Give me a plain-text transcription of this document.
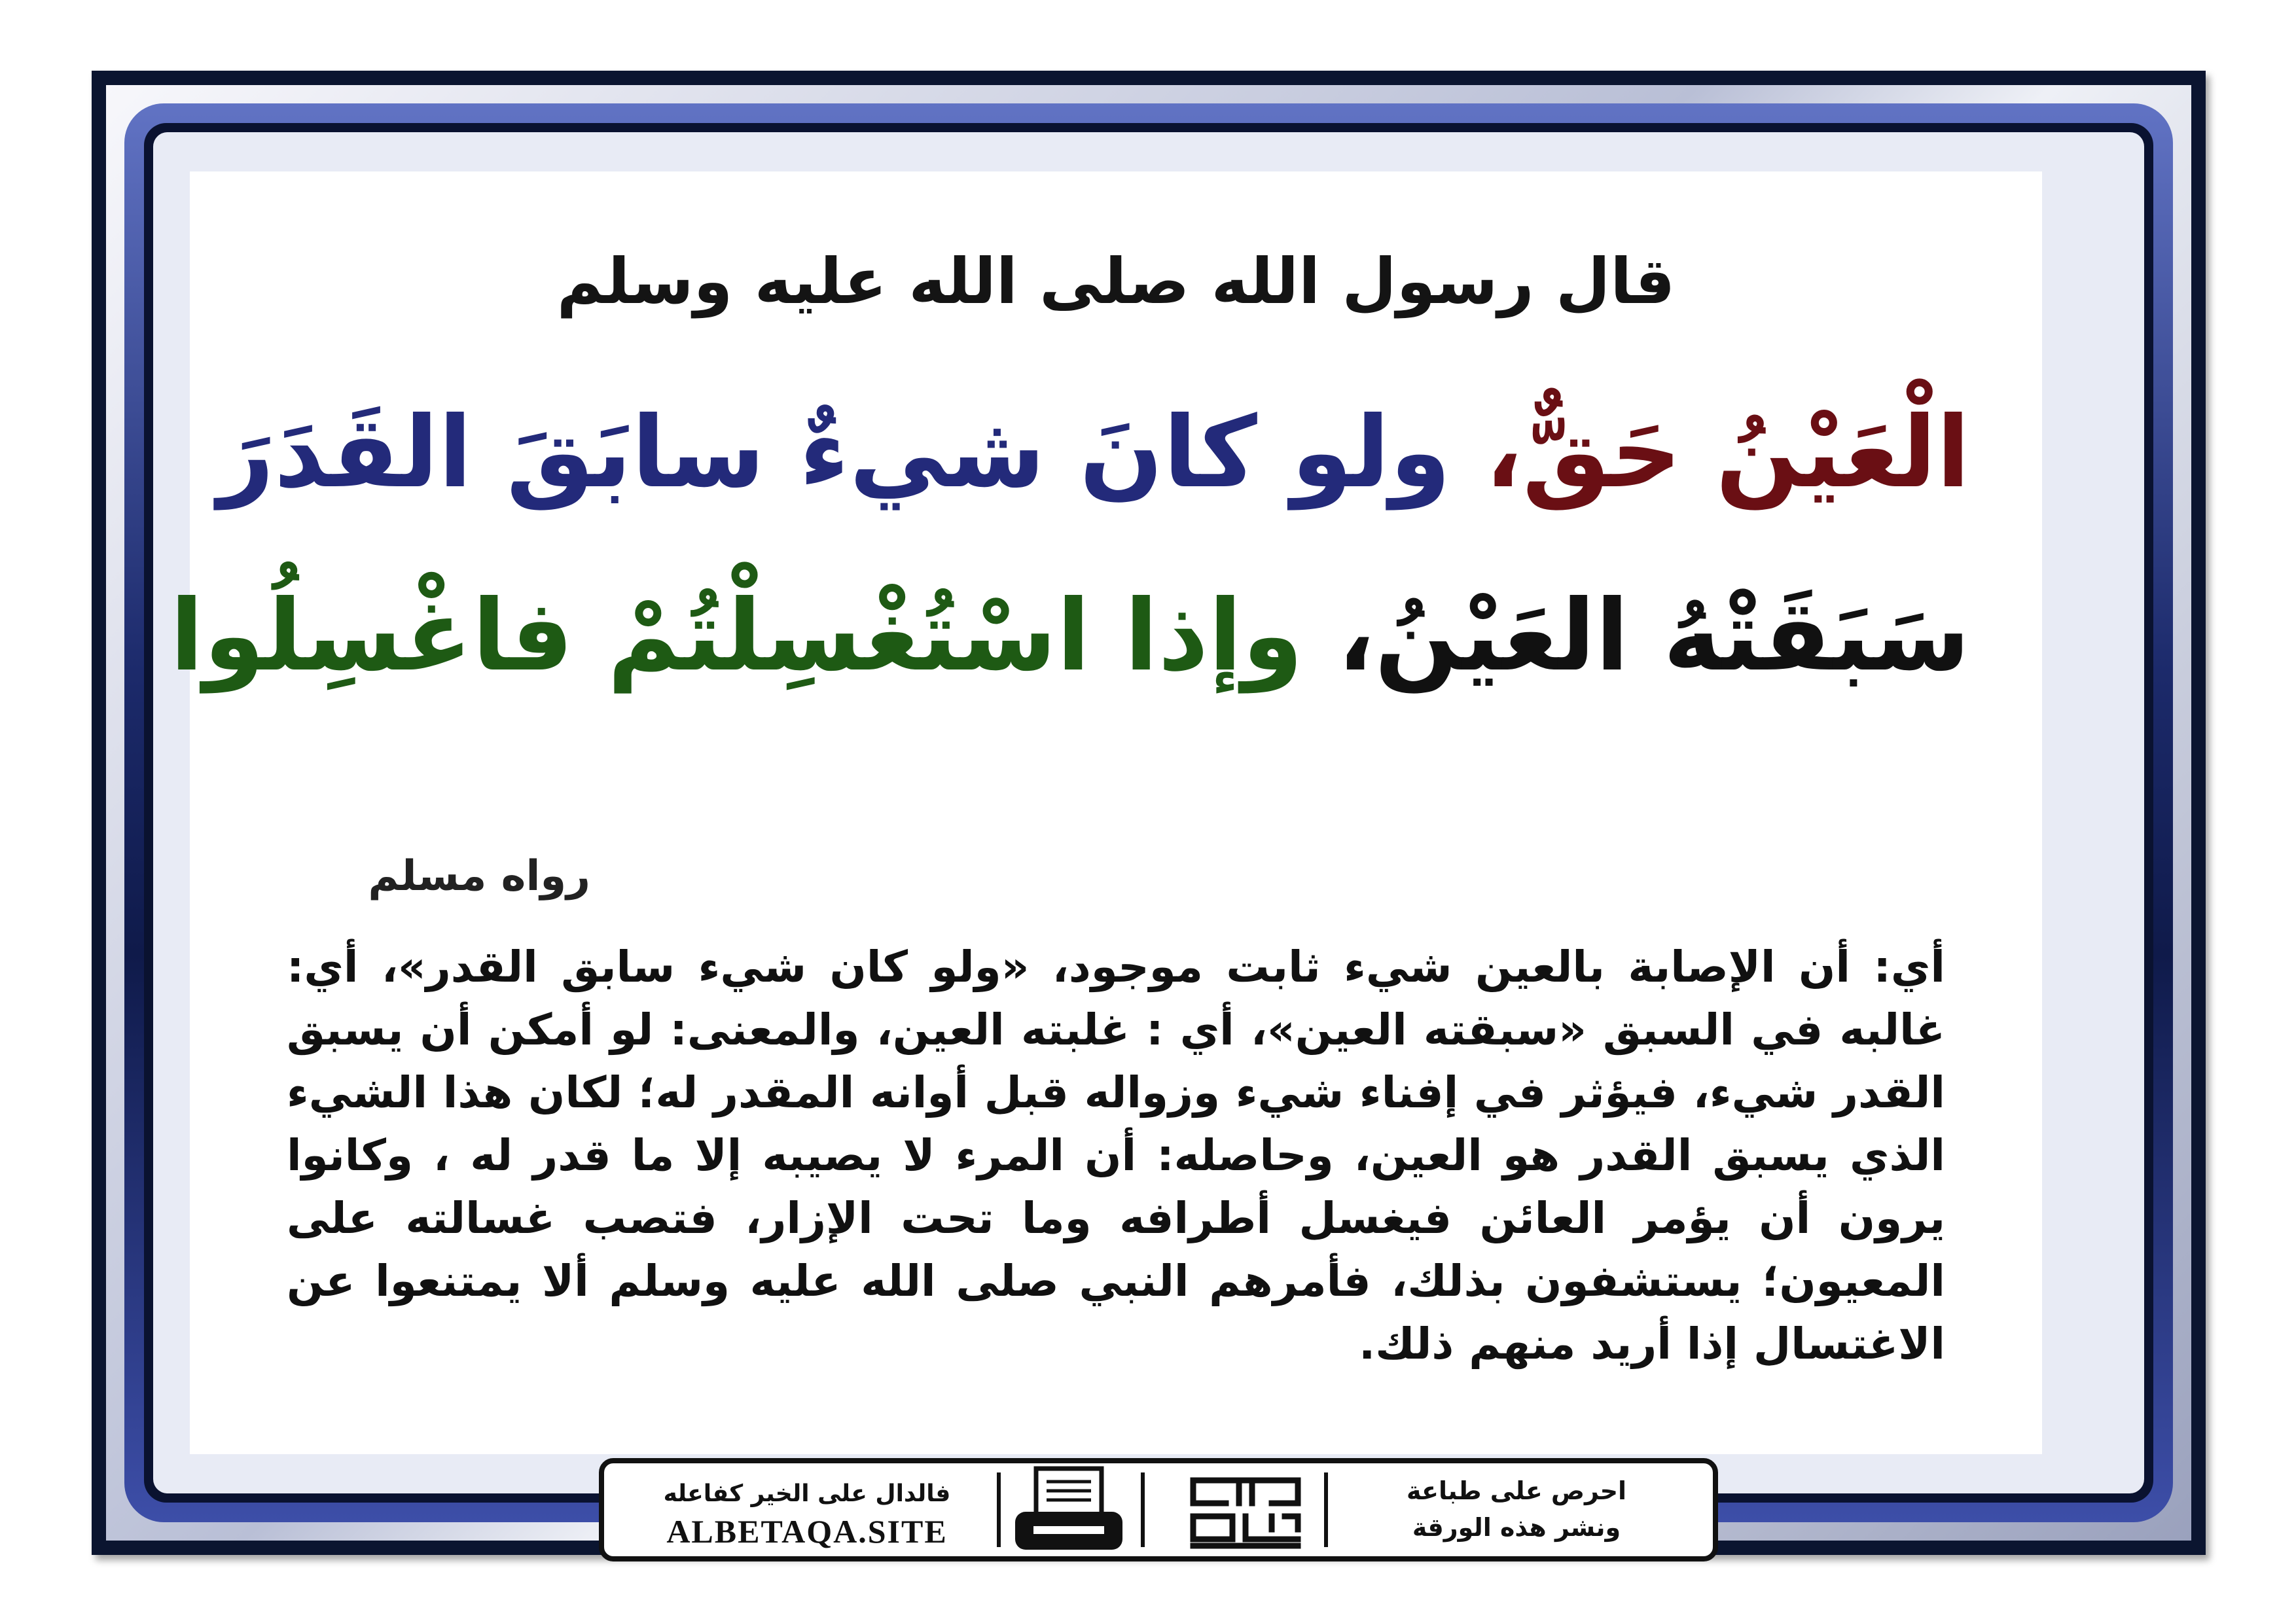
قال رسول الله صلى الله عليه وسلم
الْعَيْنُ حَقٌّ، ولو كانَ شيءٌ سابَقَ القَدَرَ
سَبَقَتْهُ العَيْنُ، وإذا اسْتُغْسِلْتُمْ فاغْسِلُوا
رواه مسلم
أي: أن الإصابة بالعين شيء ثابت موجود، «ولو كان شيء سابق القدر»، أي: غالبه في السبق «سبقته العين»، أي : غلبته العين، والمعنى: لو أمكن أن يسبق القدر شيء، فيؤثر في إفناء شيء وزواله قبل أوانه المقدر له؛ لكان هذا الشيء الذي يسبق القدر هو العين، وحاصله: أن المرء لا يصيبه إلا ما قدر له ، وكانوا يرون أن يؤمر العائن فيغسل أطرافه وما تحت الإزار، فتصب غسالته على المعيون؛ يستشفون بذلك، فأمرهم النبي صلى الله عليه وسلم ألا يمتنعوا عن الاغتسال إذا أريد منهم ذلك.
فالدال على الخير كفاعله
ALBETAQA.SITE
احرص على طباعة
ونشر هذه الورقة
